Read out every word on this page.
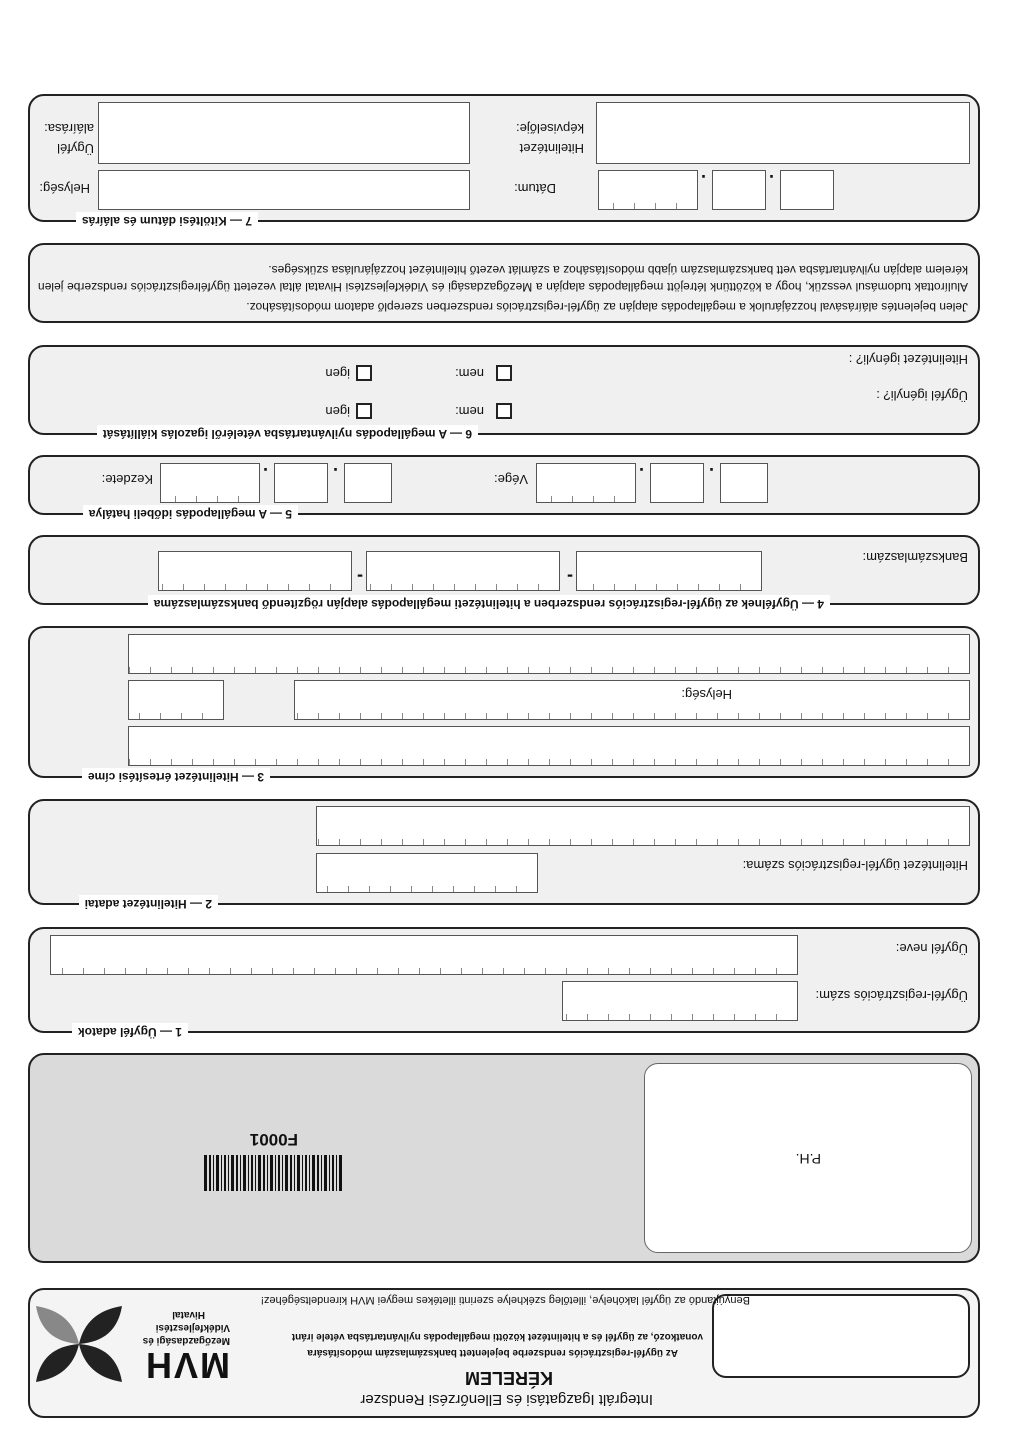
Integrált Igazgatási és Ellenőrzési Rendszer
KÉRELEM
Az ügyfél-regisztrációs rendszerbe bejelentett bankszámlaszám módosítására
vonatkozó, az ügyfél és a hitelintézet közötti megállapodás nyilvántartásba vétele iránt
Benyújtandó az ügyfél lakóhelye, illetőleg székhelye szerinti illetékes megyei MVH kirendeltségéhez!
MVH
Mezőgazdasági és
Vidékfejlesztési
Hivatal
P.H.
F0001
1 — Ügyfél adatok
Ügyfél-regisztrációs szám:
Ügyfél neve:
2 — Hitelintézet adatai
Hitelintézet ügyfél-regisztrációs száma:
3 — Hitelintézet értesítési címe
Helység:
4 — Ügyfélnek az ügyfél-regisztrációs rendszerben a hitelintézeti megállapodás alapján rögzítendő bankszámlaszáma
Bankszámlaszám:
-
-
5 — A megállapodás időbeli hatálya
Vége:	.
.
Kezdete:	.
.
6 — A megállapodás nyilvántartásba vételéről igazolás kiállítását
Ügyfél igényli? :
nem:
igen
Hitelintézet igényli? :
nem:
igen
Jelen bejelentés aláírásával hozzájárulok a megállapodás alapján az ügyfél-regisztrációs rendszerben szereplő adatom módosításához.
Alulírottak tudomásul vesszük, hogy a közöttünk létrejött megállapodás alapján a Mezőgazdasági és Vidékfejlesztési Hivatal által vezetett ügyfélregisztrációs rendszerbe jelen kérelem alapján nyilvántartásba vett bankszámlaszám újabb módosításához a számlát vezető hitelintézet hozzájárulása szükséges.
7 — Kitöltési dátum és aláírás
Dátum:	.
.
Helység:
Hitelintézet
képviselője:
Ügyfél
aláírása:
